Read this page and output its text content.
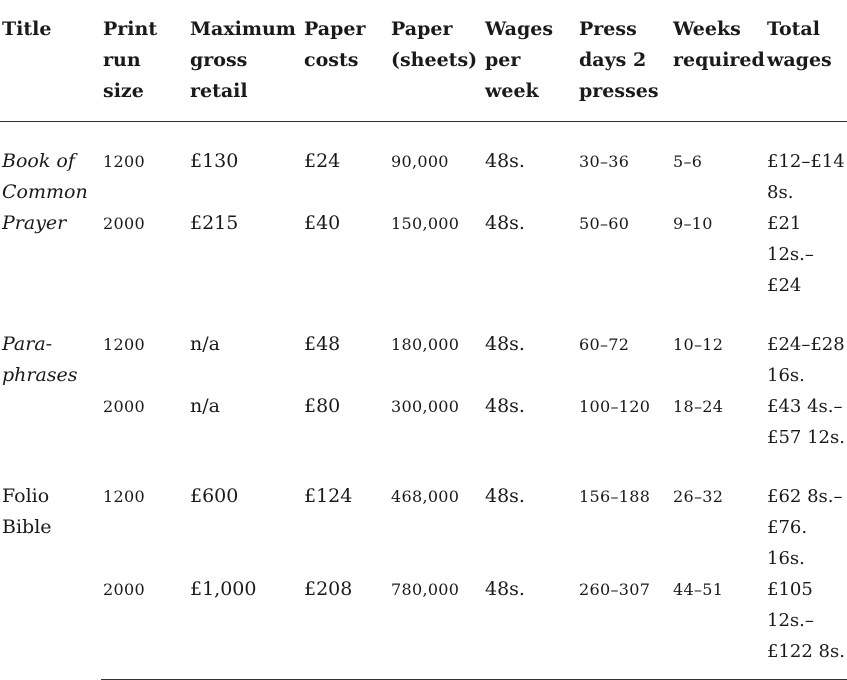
Title	Print run size	Maximum gross retail	Paper costs	Paper (sheets)	Wages per week	Press days 2 presses	Weeks required	Total wages

Book of Common Prayer	1200	£130	£24	90,000	48s.	30–36	5–6	£12–£14 8s.
	2000	£215	£40	150,000	48s.	50–60	9–10	£21 12s.–£24

Paraphrases	1200	n/a	£48	180,000	48s.	60–72	10–12	£24–£28 16s.
	2000	n/a	£80	300,000	48s.	100–120	18–24	£43 4s.–£57 12s.

Folio Bible	1200	£600	£124	468,000	48s.	156–188	26–32	£62 8s.–£76. 16s.
	2000	£1,000	£208	780,000	48s.	260–307	44–51	£105 12s.–£122 8s.
